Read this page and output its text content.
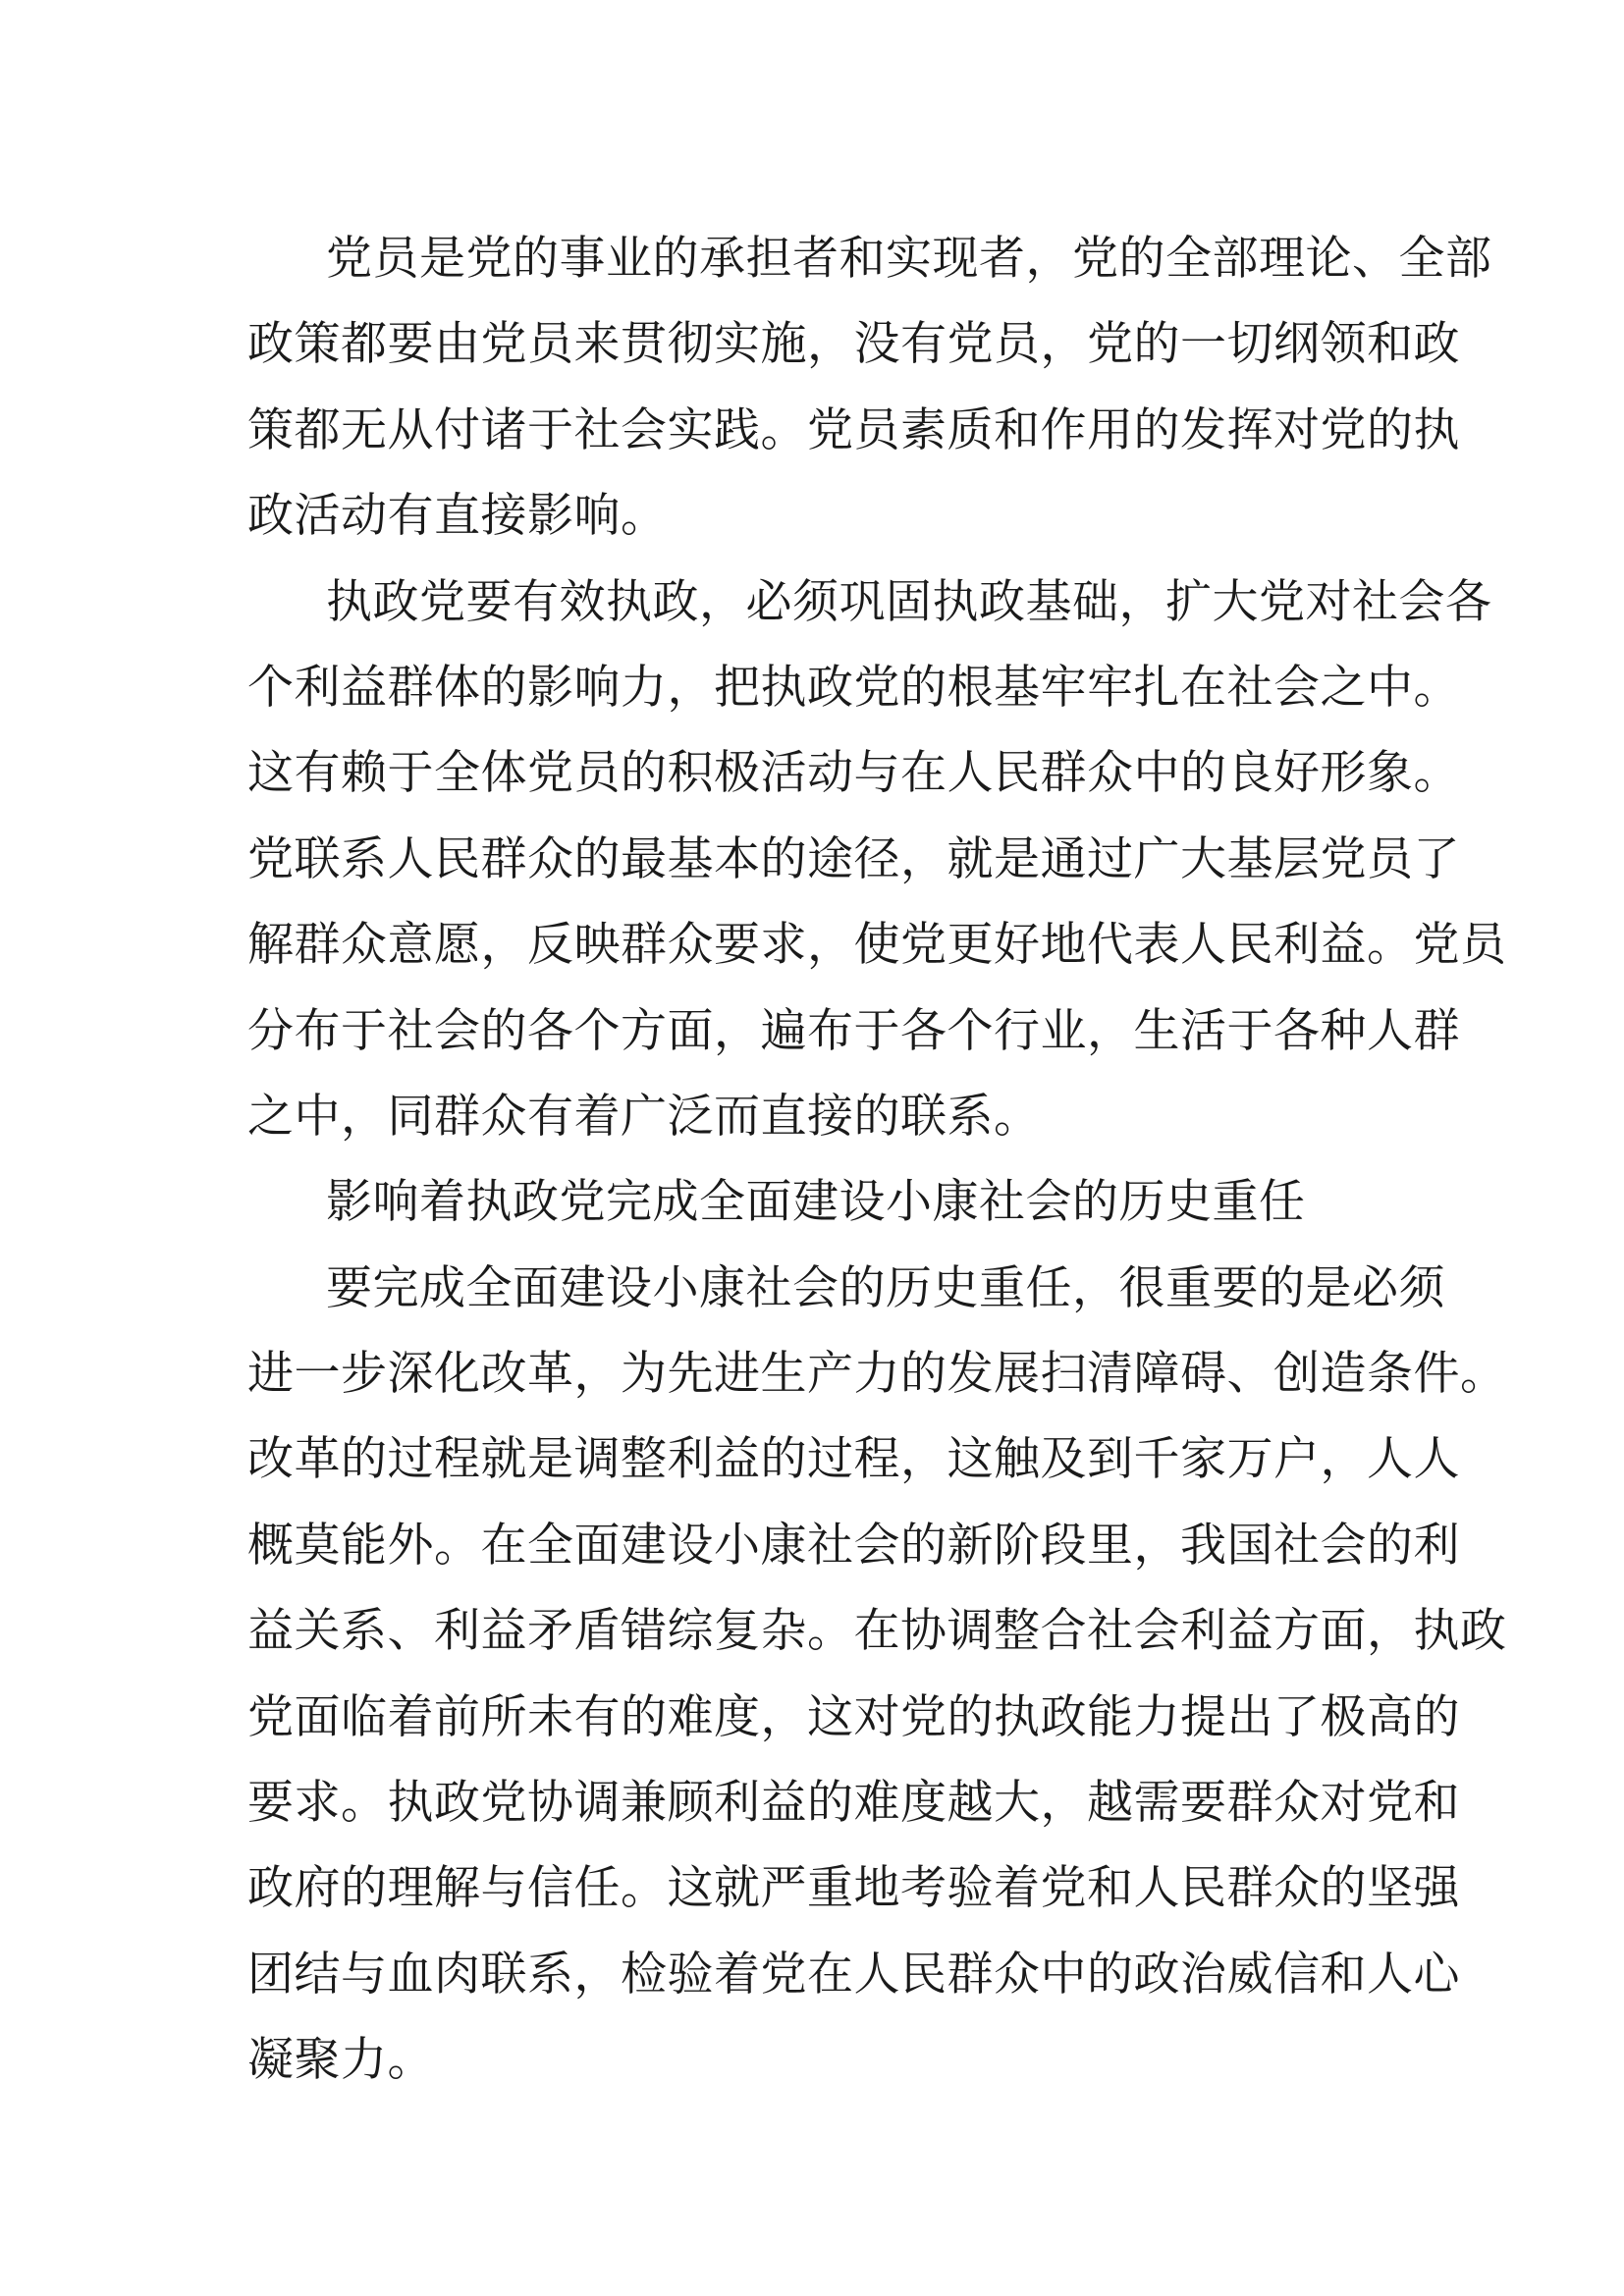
党员是党的事业的承担者和实现者，党的全部理论、全部
政策都要由党员来贯彻实施，没有党员，党的一切纲领和政
策都无从付诸于社会实践。党员素质和作用的发挥对党的执
政活动有直接影响。
执政党要有效执政，必须巩固执政基础，扩大党对社会各
个利益群体的影响力，把执政党的根基牢牢扎在社会之中。
这有赖于全体党员的积极活动与在人民群众中的良好形象。
党联系人民群众的最基本的途径，就是通过广大基层党员了
解群众意愿，反映群众要求，使党更好地代表人民利益。党员
分布于社会的各个方面，遍布于各个行业，生活于各种人群
之中，同群众有着广泛而直接的联系。
影响着执政党完成全面建设小康社会的历史重任
要完成全面建设小康社会的历史重任，很重要的是必须
进一步深化改革，为先进生产力的发展扫清障碍、创造条件。
改革的过程就是调整利益的过程，这触及到千家万户，人人
概莫能外。在全面建设小康社会的新阶段里，我国社会的利
益关系、利益矛盾错综复杂。在协调整合社会利益方面，执政
党面临着前所未有的难度，这对党的执政能力提出了极高的
要求。执政党协调兼顾利益的难度越大，越需要群众对党和
政府的理解与信任。这就严重地考验着党和人民群众的坚强
团结与血肉联系，检验着党在人民群众中的政治威信和人心
凝聚力。
